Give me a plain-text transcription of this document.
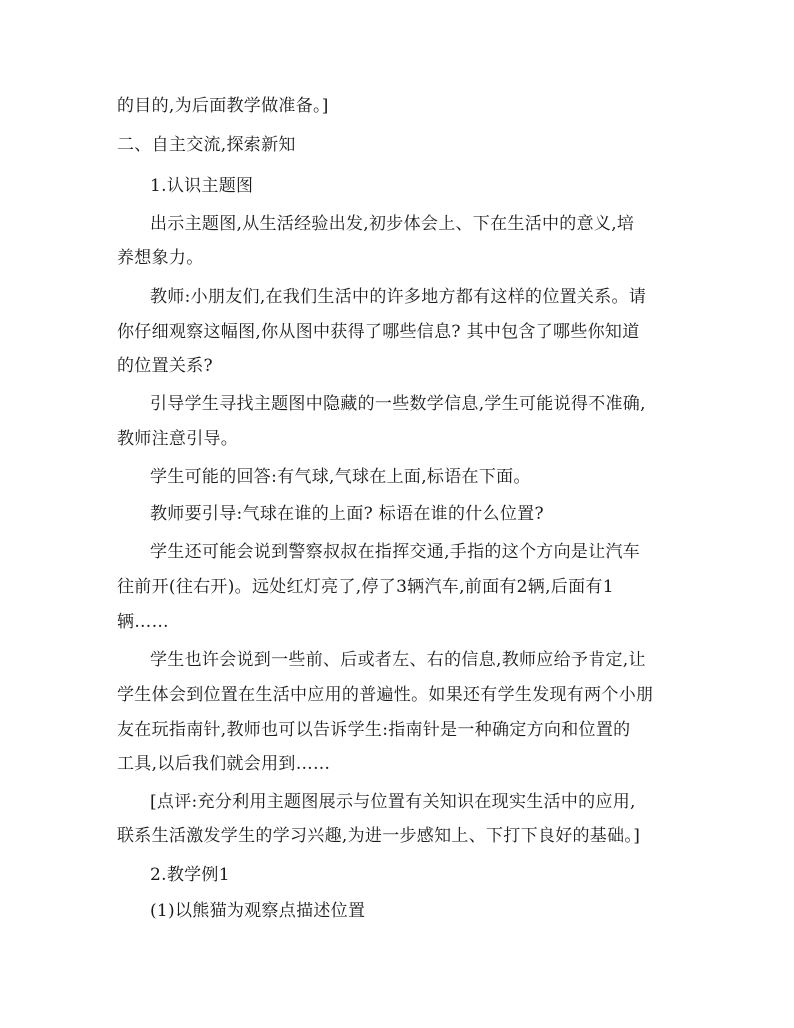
的目的,为后面教学做准备。]
二、自主交流,探索新知
1.认识主题图
出示主题图,从生活经验出发,初步体会上、下在生活中的意义,培
养想象力。
教师:小朋友们,在我们生活中的许多地方都有这样的位置关系。请
你仔细观察这幅图,你从图中获得了哪些信息? 其中包含了哪些你知道
的位置关系?
引导学生寻找主题图中隐藏的一些数学信息,学生可能说得不准确,
教师注意引导。
学生可能的回答:有气球,气球在上面,标语在下面。
教师要引导:气球在谁的上面? 标语在谁的什么位置?
学生还可能会说到警察叔叔在指挥交通,手指的这个方向是让汽车
往前开(往右开)。远处红灯亮了,停了3辆汽车,前面有2辆,后面有1
辆……
学生也许会说到一些前、后或者左、右的信息,教师应给予肯定,让
学生体会到位置在生活中应用的普遍性。如果还有学生发现有两个小朋
友在玩指南针,教师也可以告诉学生:指南针是一种确定方向和位置的
工具,以后我们就会用到……
[点评:充分利用主题图展示与位置有关知识在现实生活中的应用,
联系生活激发学生的学习兴趣,为进一步感知上、下打下良好的基础。]
2.教学例1
(1)以熊猫为观察点描述位置
